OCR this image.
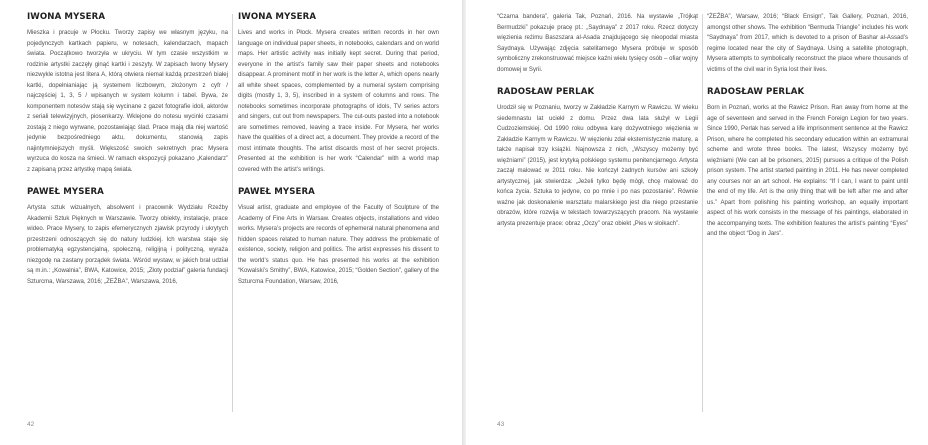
IWONA MYSERA

Mieszka i pracuje w Płocku. Tworzy zapisy we własnym języku, na pojedynczych kartkach papieru, w notesach, kalendarzach, mapach świata. Początkowo tworzyła w ukryciu. W tym czasie wszystkim w rodzinie artystki zaczęły ginąć kartki i zeszyty. W zapisach Iwony Mysery niezwykle istotna jest litera A, którą otwiera niemal każdą przestrzeń białej kartki, dopełnianiając ją systemem liczbowym, złożonym z cyfr / najczęściej 1, 3, 5 / wpisanych w system kolumn i tabel. Bywa, że komponentem notesów stają się wycinane z gazet fotografie idoli, aktorów z seriali telewizyjnych, piosenkarzy. Wklejone do notesu wycinki czasami zostają z niego wyrwane, pozostawiając ślad. Prace mają dla niej wartość jedynie bezpośredniego aktu, dokumentu, stanowią zapis najintymniejszych myśli. Większość swoich sekretnych prac Mysera wyrzuca do kosza na śmieci. W ramach ekspozycji pokazano „Kalendarz” z zapisaną przez artystkę mapą świata.

PAWEŁ MYSERA

Artysta sztuk wizualnych, absolwent i pracownik Wydziału Rzeźby Akademii Sztuk Pięknych w Warszawie. Tworzy obiekty, instalacje, prace wideo. Prace Mysery, to zapis efemerycznych zjawisk przyrody i ukrytych przestrzeni odnoszących się do natury ludzkiej. Ich warstwa staje się problematyką egzystencjalną, społeczną, religijną i polityczną, wyraża niezgodę na zastany porządek świata. Wśród wystaw, w jakich brał udział są m.in.: „Kowalnia”, BWA, Katowice, 2015; „Złoty podział” galeria fundacji Szturcma, Warszawa, 2016; „ŻEŹBA”, Warszawa, 2016,

IWONA MYSERA

Lives and works in Płock. Mysera creates written records in her own language on individual paper sheets, in notebooks, calendars and on world maps. Her artistic activity was initially kept secret. During that period, everyone in the artist’s family saw their paper sheets and notebooks disappear. A prominent motif in her work is the letter A, which opens nearly all white sheet spaces, complemented by a numeral system comprising digits (mostly 1, 3, 5), inscribed in a system of columns and rows. The notebooks sometimes incorporate photographs of idols, TV series actors and singers, cut out from newspapers. The cut-outs pasted into a notebook are sometimes removed, leaving a trace inside. For Mysera, her works have the qualities of a direct act, a document. They provide a record of the most intimate thoughts. The artist discards most of her secret projects. Presented at the exhibition is her work “Calendar” with a world map covered with the artist’s writings.

PAWEŁ MYSERA

Visual artist, graduate and employee of the Faculty of Sculpture of the Academy of Fine Arts in Warsaw. Creates objects, installations and video works. Mysera’s projects are records of ephemeral natural phenomena and hidden spaces related to human nature. They address the problematic of existence, society, religion and politics. The artist expresses his dissent to the world’s status quo. He has presented his works at the exhibition “Kowalski’s Smithy”, BWA, Katowice, 2015; “Golden Section”, gallery of the Szturcma Foundation, Warsaw, 2016,

42

“Czarna bandera”, galeria Tak, Poznań, 2016. Na wystawie „Trójkąt Bermudzki” pokazuje pracę pt.: „Saydnaya” z 2017 roku. Rzecz dotyczy więzienia reżimu Baszszara al-Asada znajdującego się nieopodal miasta Saydnaya. Używając zdjęcia satelitarnego Mysera próbuje w sposób symboliczny zrekonstruować miejsce kaźni wielu tysięcy osób – ofiar wojny domowej w Syrii.

RADOSŁAW PERLAK

Urodził się w Poznaniu, tworzy w Zakładzie Karnym w Rawiczu. W wieku siedemnastu lat uciekł z domu. Przez dwa lata służył w Legii Cudzoziemskiej. Od 1990 roku odbywa karę dożywotniego więzienia w Zakładzie Karnym w Rawiczu. W więzieniu zdał eksternistycznie maturę, a także napisał trzy książki. Najnowsza z nich, „Wszyscy możemy być więźniami” (2015), jest krytyką polskiego systemu penitencjarnego. Artysta zaczął malować w 2011 roku. Nie kończył żadnych kursów ani szkoły artystycznej, jak stwierdza: „Jeżeli tylko będę mógł, chcę malować do końca życia. Sztuka to jedyne, co po mnie i po nas pozostanie”. Równie ważne jak doskonalenie warsztatu malarskiego jest dla niego przestanie obrazów, które rozwija w tekstach towarzyszących pracom. Na wystawie artysta prezentuje prace: obraz „Oczy” oraz obiekt „Pies w słoikach”.

“ŻEŹBA”, Warsaw, 2016; “Black Ensign”, Tak Gallery, Poznań, 2016, amongst other shows. The exhibition “Bermuda Triangle” includes his work “Saydnaya” from 2017, which is devoted to a prison of Bashar al-Assad’s regime located near the city of Saydnaya. Using a satellite photograph, Mysera attempts to symbolically reconstruct the place where thousands of victims of the civil war in Syria lost their lives.

RADOSŁAW PERLAK

Born in Poznań, works at the Rawicz Prison. Ran away from home at the age of seventeen and served in the French Foreign Legion for two years. Since 1990, Perlak has served a life imprisonment sentence at the Rawicz Prison, where he completed his secondary education within an extramural scheme and wrote three books. The latest, Wszyscy możemy być więźniami (We can all be prisoners, 2015) pursues a critique of the Polish prison system. The artist started painting in 2011. He has never completed any courses nor an art school. He explains: “If I can, I want to paint until the end of my life. Art is the only thing that will be left after me and after us.” Apart from polishing his painting workshop, an equally important aspect of his work consists in the message of his paintings, elaborated in the accompanying texts. The exhibition features the artist’s painting “Eyes” and the object “Dog in Jars”.

43
